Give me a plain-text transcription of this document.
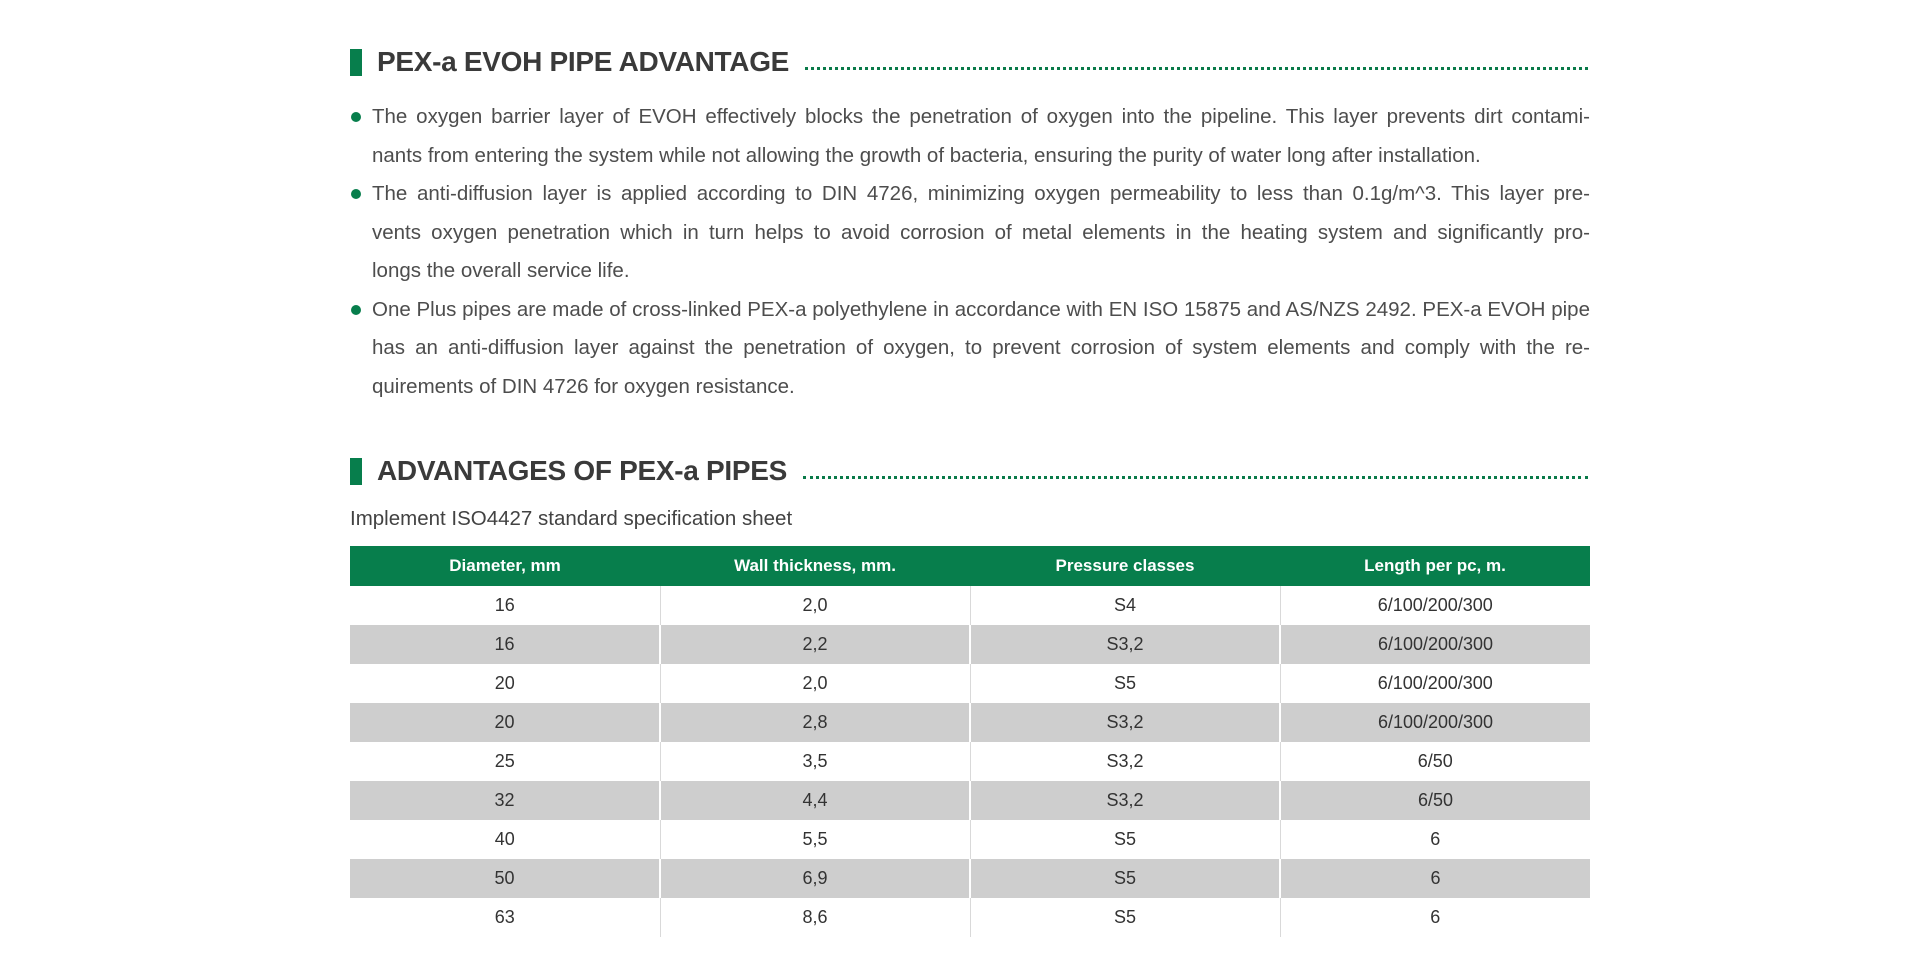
PEX-a EVOH PIPE ADVANTAGE
The oxygen barrier layer of EVOH effectively blocks the penetration of oxygen into the pipeline. This layer prevents dirt contami-
nants from entering the system while not allowing the growth of bacteria, ensuring the purity of water long after installation.
The anti-diffusion layer is applied according to DIN 4726, minimizing oxygen permeability to less than 0.1g/m^3. This layer pre-
vents oxygen penetration which in turn helps to avoid corrosion of metal elements in the heating system and significantly pro-
longs the overall service life.
One Plus pipes are made of cross-linked PEX-a polyethylene in accordance with EN ISO 15875 and AS/NZS 2492. PEX-a EVOH pipe
has an anti-diffusion layer against the penetration of oxygen, to prevent corrosion of system elements and comply with the re-
quirements of DIN 4726 for oxygen resistance.
ADVANTAGES OF PEX-a PIPES
Implement ISO4427 standard specification sheet
Diameter, mm	Wall thickness, mm.	Pressure classes	Length per pc, m.
16	2,0	S4	6/100/200/300
16	2,2	S3,2	6/100/200/300
20	2,0	S5	6/100/200/300
20	2,8	S3,2	6/100/200/300
25	3,5	S3,2	6/50
32	4,4	S3,2	6/50
40	5,5	S5	6
50	6,9	S5	6
63	8,6	S5	6
